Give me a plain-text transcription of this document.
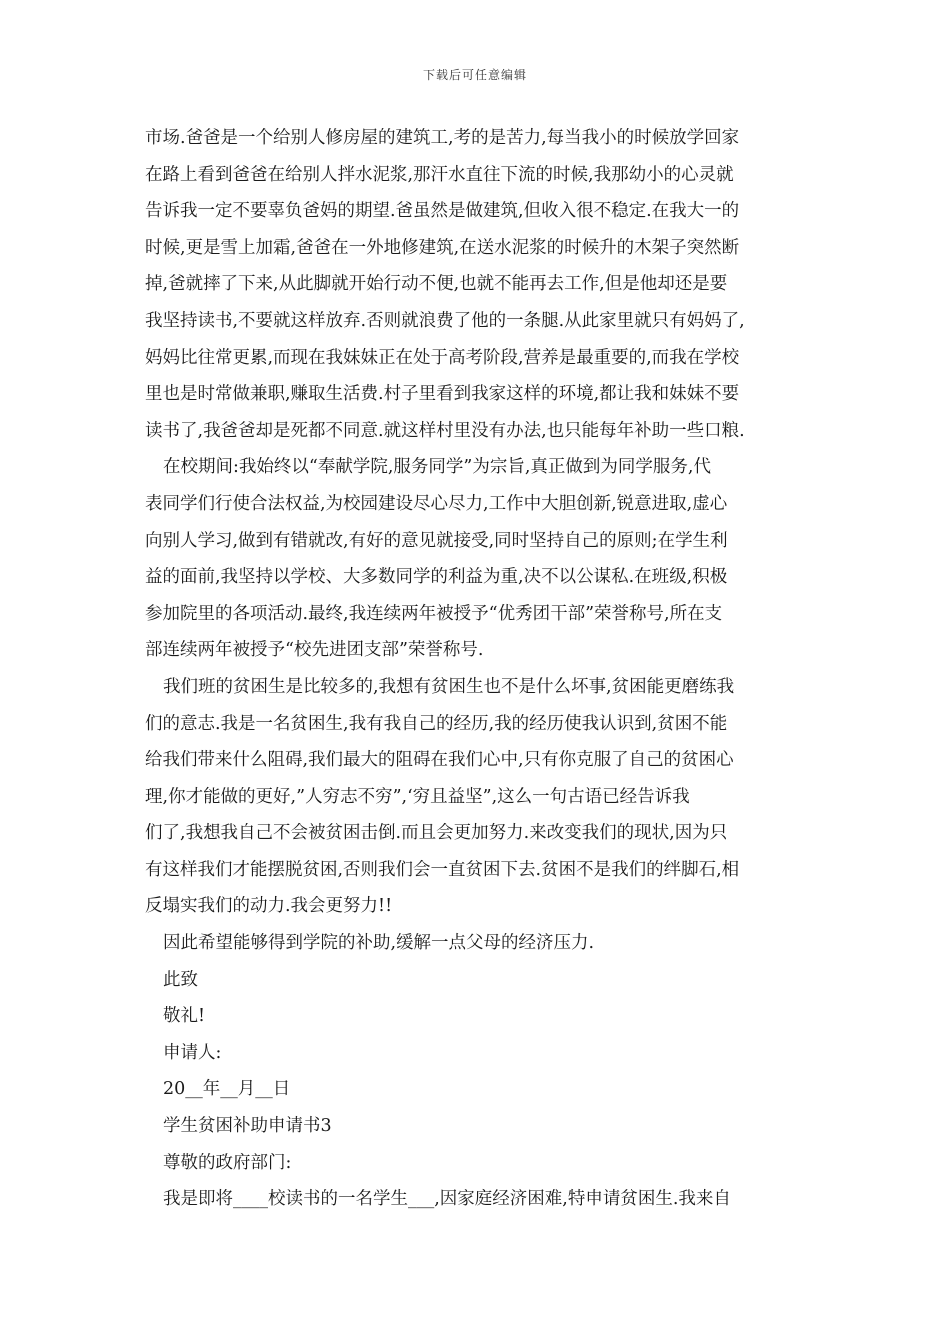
下载后可任意编辑
市场.爸爸是一个给别人修房屋的建筑工,考的是苦力,每当我小的时候放学回家
在路上看到爸爸在给别人拌水泥浆,那汗水直往下流的时候,我那幼小的心灵就
告诉我一定不要辜负爸妈的期望.爸虽然是做建筑,但收入很不稳定.在我大一的
时候,更是雪上加霜,爸爸在一外地修建筑,在送水泥浆的时候升的木架子突然断
掉,爸就摔了下来,从此脚就开始行动不便,也就不能再去工作,但是他却还是要
我坚持读书,不要就这样放弃.否则就浪费了他的一条腿.从此家里就只有妈妈了,
妈妈比往常更累,而现在我妹妹正在处于高考阶段,营养是最重要的,而我在学校
里也是时常做兼职,赚取生活费.村子里看到我家这样的环境,都让我和妹妹不要
读书了,我爸爸却是死都不同意.就这样村里没有办法,也只能每年补助一些口粮.
在校期间:我始终以“奉献学院,服务同学”为宗旨,真正做到为同学服务,代
表同学们行使合法权益,为校园建设尽心尽力,工作中大胆创新,锐意进取,虚心
向别人学习,做到有错就改,有好的意见就接受,同时坚持自己的原则;在学生利
益的面前,我坚持以学校、大多数同学的利益为重,决不以公谋私.在班级,积极
参加院里的各项活动.最终,我连续两年被授予“优秀团干部”荣誉称号,所在支
部连续两年被授予“校先进团支部”荣誉称号.
我们班的贫困生是比较多的,我想有贫困生也不是什么坏事,贫困能更磨练我
们的意志.我是一名贫困生,我有我自己的经历,我的经历使我认识到,贫困不能
给我们带来什么阻碍,我们最大的阻碍在我们心中,只有你克服了自己的贫困心
理,你才能做的更好,”人穷志不穷”,‘穷且益坚”,这么一句古语已经告诉我
们了,我想我自己不会被贫困击倒.而且会更加努力.来改变我们的现状,因为只
有这样我们才能摆脱贫困,否则我们会一直贫困下去.贫困不是我们的绊脚石,相
反塌实我们的动力.我会更努力!!
因此希望能够得到学院的补助,缓解一点父母的经济压力.
此致
敬礼!
申请人:
20__年__月__日
学生贫困补助申请书3
尊敬的政府部门:
我是即将____校读书的一名学生___,因家庭经济困难,特申请贫困生.我来自
